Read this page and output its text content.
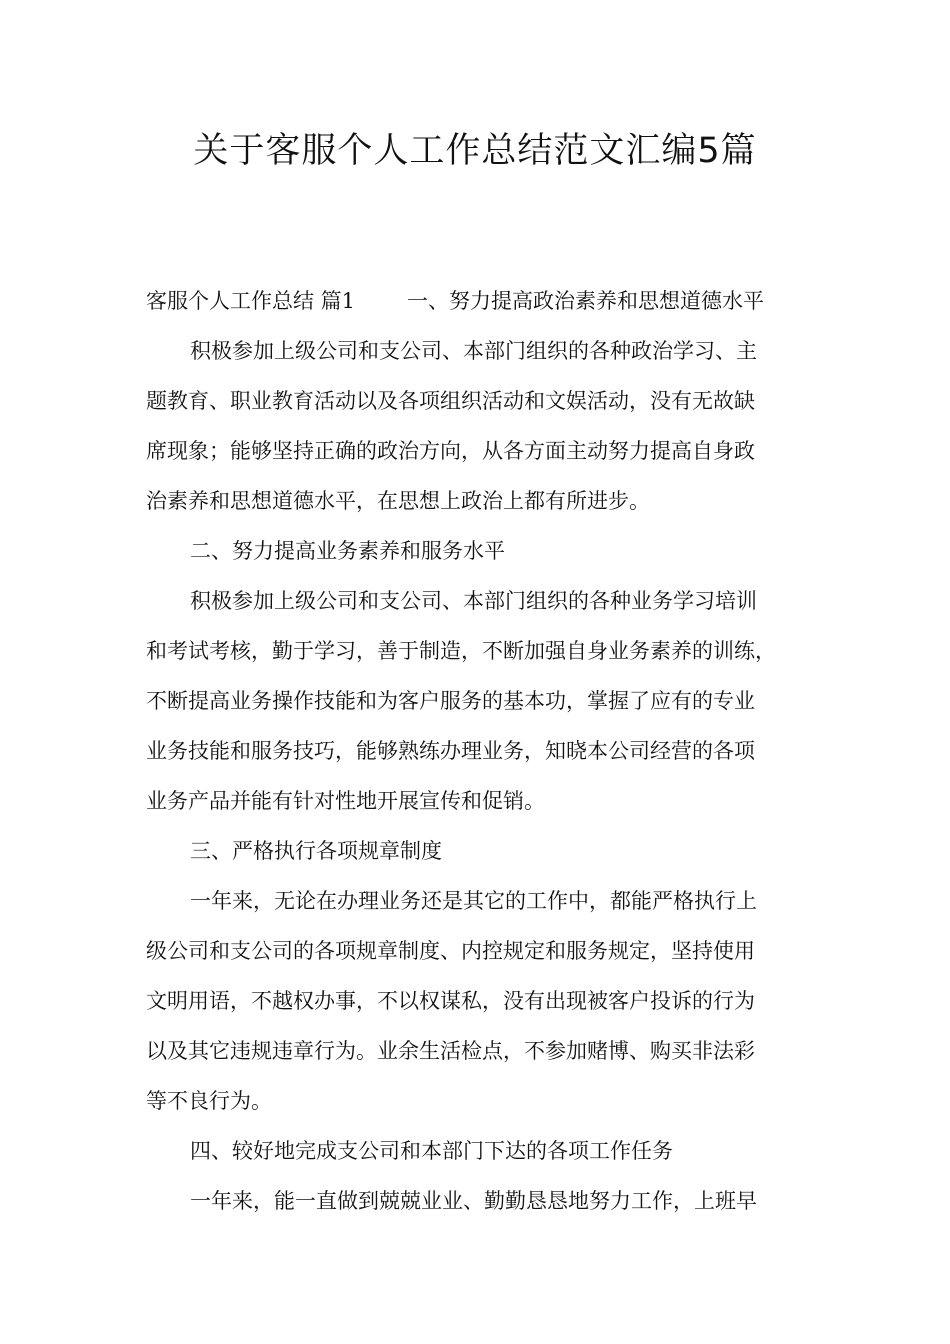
关于客服个人工作总结范文汇编5篇

客服个人工作总结 篇1 一、努力提高政治素养和思想道德水平

积极参加上级公司和支公司、本部门组织的各种政治学习、主

题教育、职业教育活动以及各项组织活动和文娱活动，没有无故缺

席现象；能够坚持正确的政治方向，从各方面主动努力提高自身政

治素养和思想道德水平，在思想上政治上都有所进步。

二、努力提高业务素养和服务水平

积极参加上级公司和支公司、本部门组织的各种业务学习培训

和考试考核，勤于学习，善于制造，不断加强自身业务素养的训练，

不断提高业务操作技能和为客户服务的基本功，掌握了应有的专业

业务技能和服务技巧，能够熟练办理业务，知晓本公司经营的各项

业务产品并能有针对性地开展宣传和促销。

三、严格执行各项规章制度

一年来，无论在办理业务还是其它的工作中，都能严格执行上

级公司和支公司的各项规章制度、内控规定和服务规定，坚持使用

文明用语，不越权办事，不以权谋私，没有出现被客户投诉的行为

以及其它违规违章行为。业余生活检点，不参加赌博、购买非法彩

等不良行为。

四、较好地完成支公司和本部门下达的各项工作任务

一年来，能一直做到兢兢业业、勤勤恳恳地努力工作，上班早
